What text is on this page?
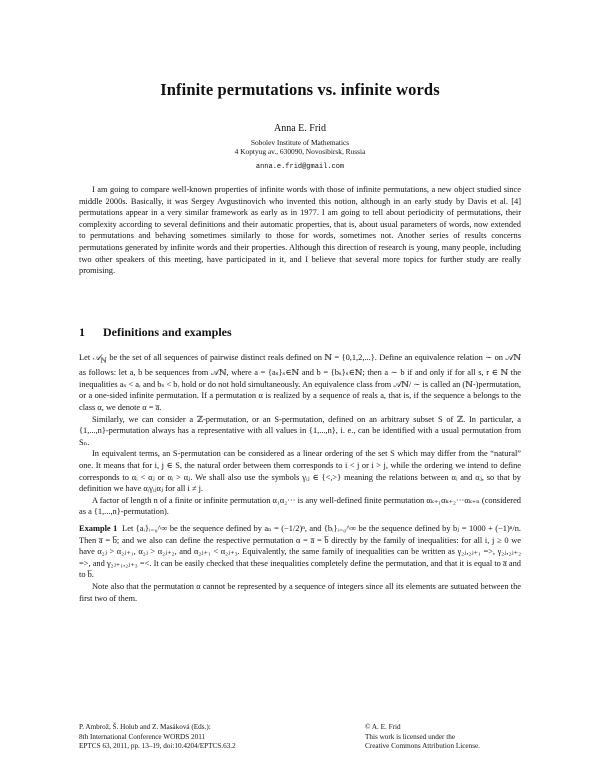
Infinite permutations vs. infinite words
Anna E. Frid
Sobolev Institute of Mathematics
4 Koptyug av., 630090, Novosibirsk, Russia
anna.e.frid@gmail.com

I am going to compare well-known properties of infinite words with those of infinite permutations, a new object studied since middle 2000s. Basically, it was Sergey Avgustinovich who invented this notion, although in an early study by Davis et al. [4] permutations appear in a very similar framework as early as in 1977. I am going to tell about periodicity of permutations, their complexity according to several definitions and their automatic properties, that is, about usual parameters of words, now extended to permutations and behaving sometimes similarly to those for words, sometimes not. Another series of results concerns permutations generated by infinite words and their properties. Although this direction of research is young, many people, including two other speakers of this meeting, have participated in it, and I believe that several more topics for further study are really promising.

1 Definitions and examples

Let 𝒜$_ℕ$ be the set of all sequences of pairwise distinct reals defined on ℕ = {0,1,2,...}. Define an equivalence relation ∼ on 𝒜ℕ as follows: let a, b be sequences from 𝒜ℕ, where a = {aₛ}ₛ∈ℕ and b = {bₛ}ₛ∈ℕ; then a ∼ b if and only if for all s, r ∈ ℕ the inequalities aₛ < aᵣ and bₛ < bᵣ hold or do not hold simultaneously. An equivalence class from 𝒜ℕ/ ∼ is called an (ℕ-)permutation, or a one-sided infinite permutation. If a permutation α is realized by a sequence of reals a, that is, if the sequence a belongs to the class α, we denote α = a̅.

Similarly, we can consider a ℤ-permutation, or an S-permutation, defined on an arbitrary subset S of ℤ. In particular, a {1,...,n}-permutation always has a representative with all values in {1,...,n}, i. e., can be identified with a usual permutation from Sₙ.

In equivalent terms, an S-permutation can be considered as a linear ordering of the set S which may differ from the “natural” one. It means that for i, j ∈ S, the natural order between them corresponds to i < j or i > j, while the ordering we intend to define corresponds to αᵢ < αⱼ or αᵢ > αⱼ. We shall also use the symbols γᵢⱼ ∈ {<,>} meaning the relations between αᵢ and αⱼ, so that by definition we have αᵢγᵢⱼαⱼ for all i ≠ j.

A factor of length n of a finite or infinite permutation α₁α₂··· is any well-defined finite permutation αₖ₊₁αₖ₊₂···αₖ₊ₙ (considered as a {1,...,n}-permutation).

Example 1 Let {aᵢ}ᵢ₌₀^∞ be the sequence defined by aₙ = (−1/2)ⁿ, and {bᵢ}ᵢ₌₀^∞ be the sequence defined by bⱼ = 1000 + (−1)ⁿ/n. Then a̅ = b̅; and we also can define the respective permutation α = a̅ = b̅ directly by the family of inequalities: for all i, j ≥ 0 we have α₂ⱼ > α₂ⱼ₊₁, α₂ⱼ > α₂ⱼ₊₂, and α₂ⱼ₊₁ < α₂ⱼ₊₃. Equivalently, the same family of inequalities can be written as γ₂ⱼ,₂ⱼ₊₁ =>, γ₂ⱼ,₂ⱼ₊₂ =>, and γ₂ⱼ₊₁,₂ⱼ₊₃ =<. It can be easily checked that these inequalities completely define the permutation, and that it is equal to a̅ and to b̅.

Note also that the permutation α cannot be represented by a sequence of integers since all its elements are sutuated between the first two of them.

P. Ambrož, Š. Holub and Z. Masáková (Eds.):
8th International Conference WORDS 2011
EPTCS 63, 2011, pp. 13–19, doi:10.4204/EPTCS.63.2
© A. E. Frid
This work is licensed under the
Creative Commons Attribution License.
